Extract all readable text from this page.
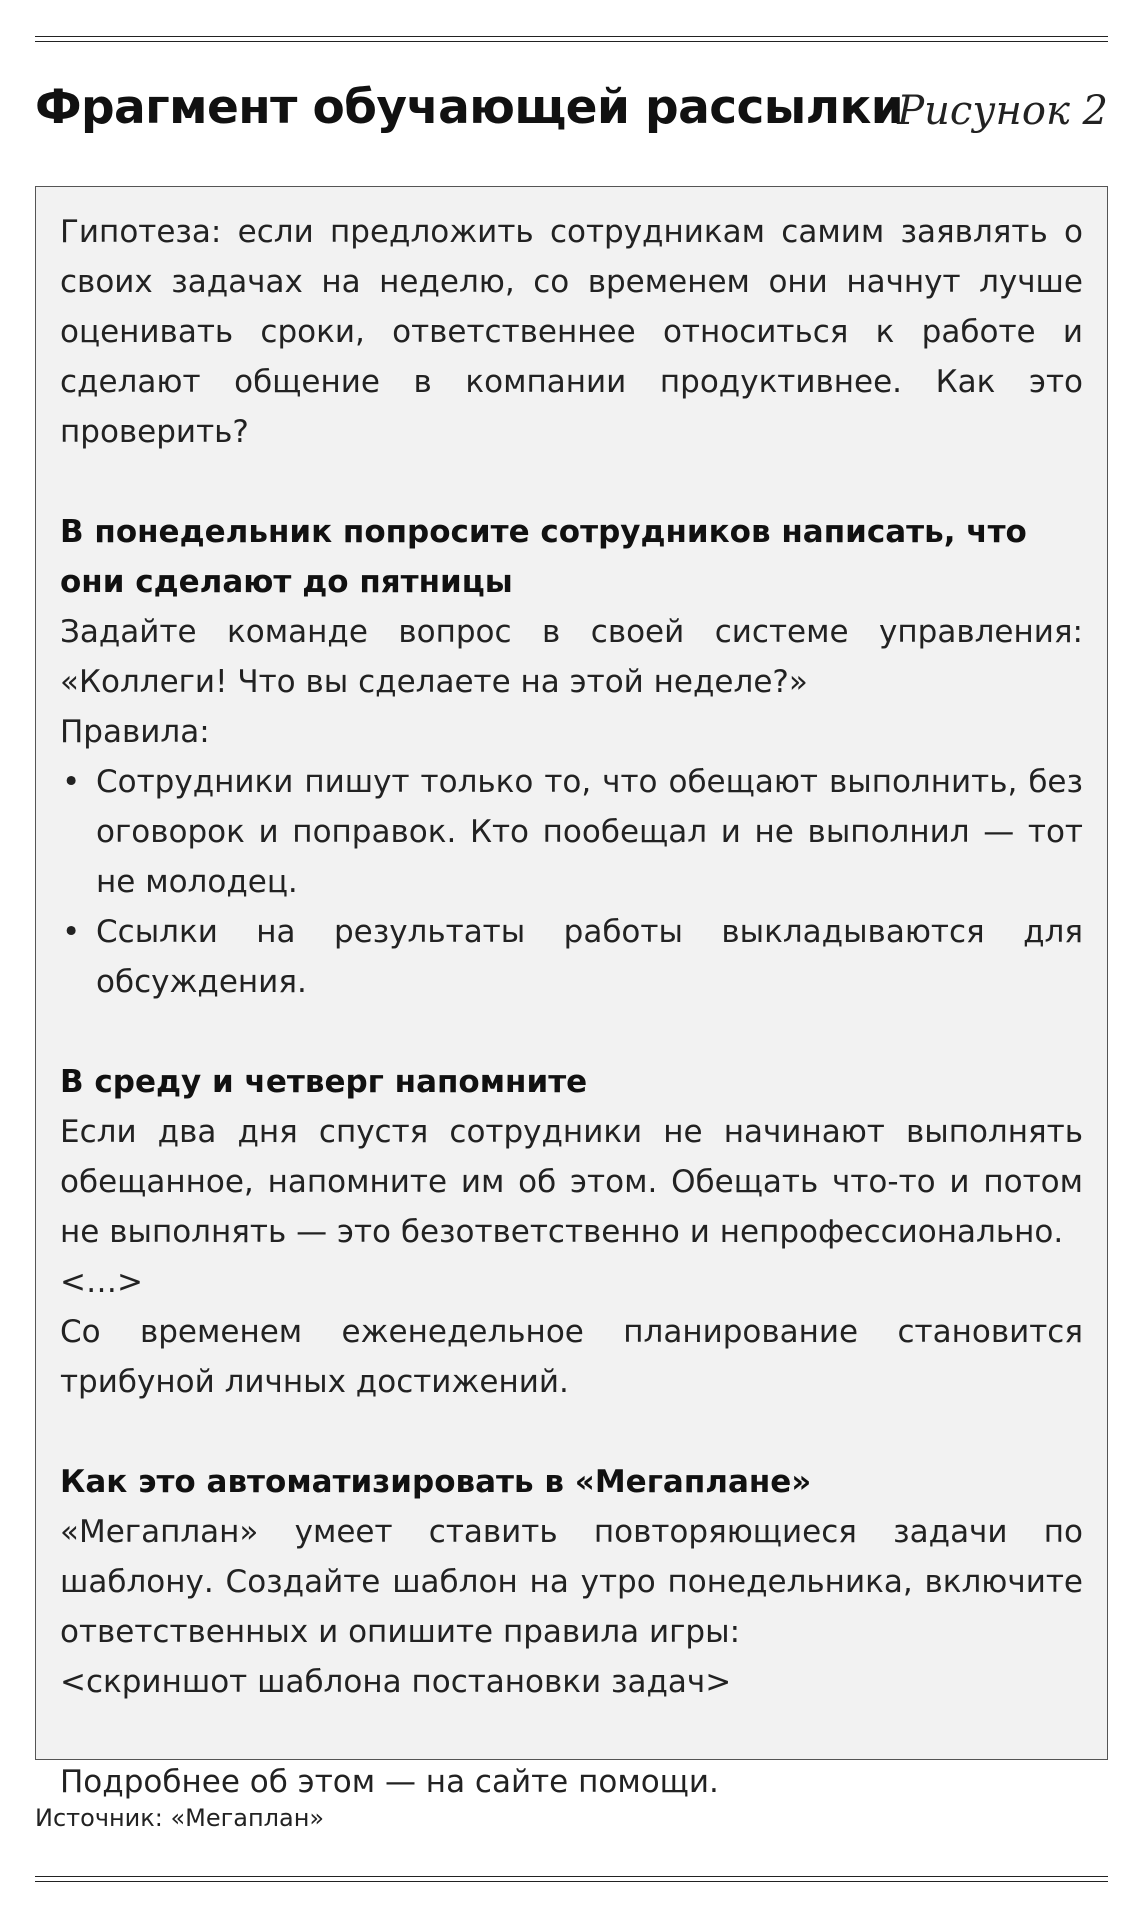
Фрагмент обучающей рассылки
Рисунок 2

Гипотеза: если предложить сотрудникам самим заявлять о своих задачах на неделю, со временем они начнут лучше оценивать сроки, ответственнее относиться к работе и сделают общение в компании продуктивнее. Как это проверить?

В понедельник попросите сотрудников написать, что они сделают до пятницы

Задайте команде вопрос в своей системе управления: «Коллеги! Что вы сделаете на этой неделе?»

Правила:

• Сотрудники пишут только то, что обещают выполнить, без оговорок и поправок. Кто пообещал и не выполнил — тот не молодец.
• Ссылки на результаты работы выкладываются для обсуждения.

В среду и четверг напомните

Если два дня спустя сотрудники не начинают выполнять обещанное, напомните им об этом. Обещать что-то и потом не выполнять — это безответственно и непрофессионально.

<…>

Со временем еженедельное планирование становится трибуной личных достижений.

Как это автоматизировать в «Мегаплане»

«Мегаплан» умеет ставить повторяющиеся задачи по шаблону. Создайте шаблон на утро понедельника, включите ответственных и опишите правила игры:

<скриншот шаблона постановки задач>

Подробнее об этом — на сайте помощи.

Источник: «Мегаплан»
